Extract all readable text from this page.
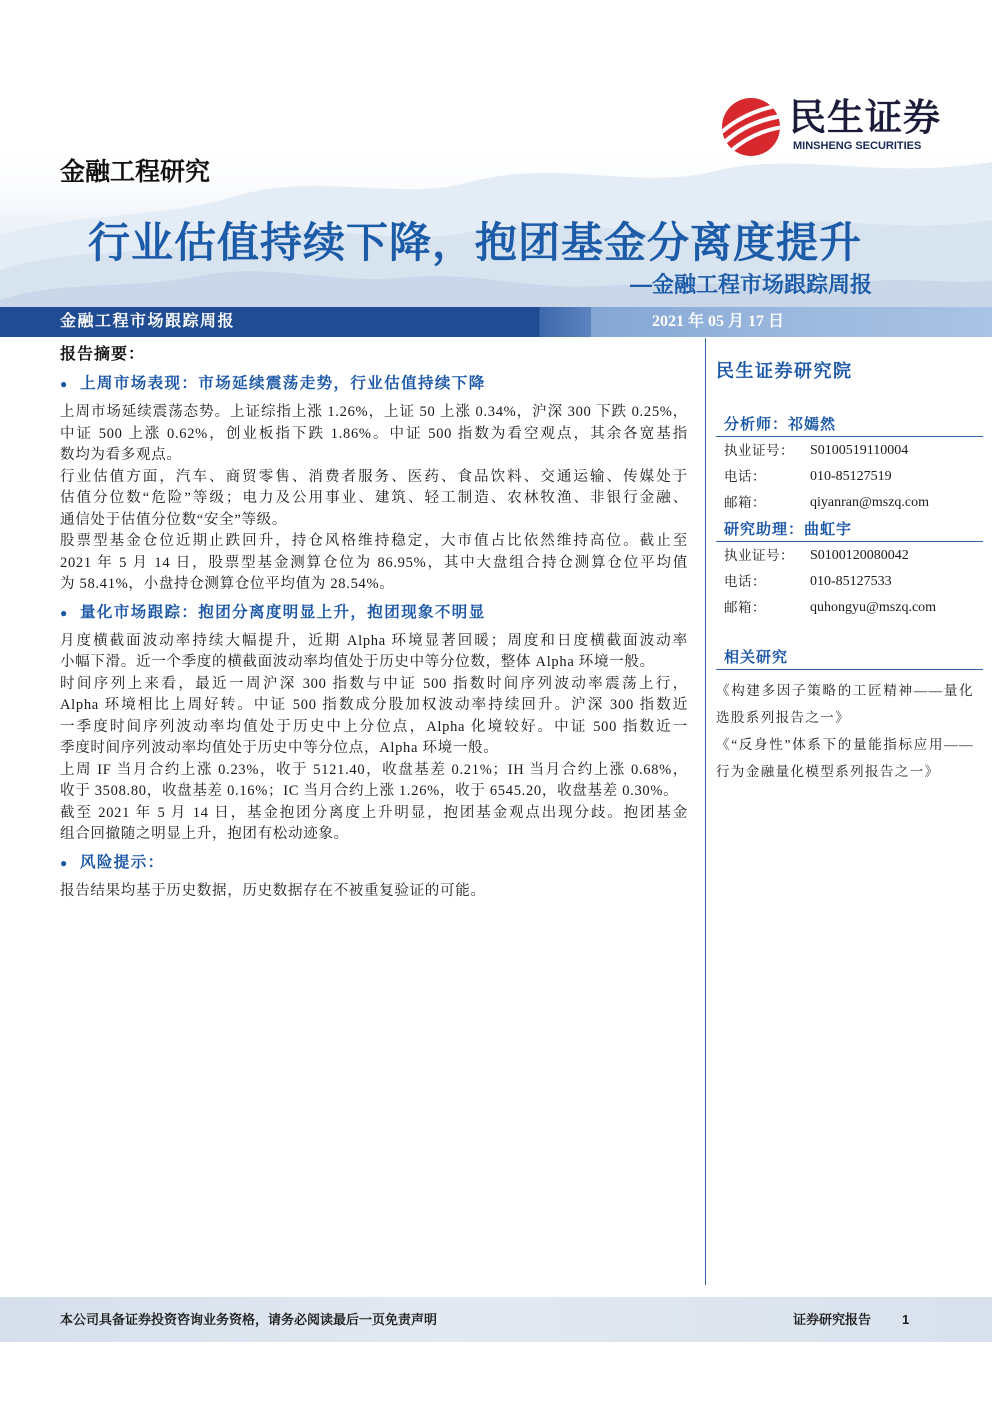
民生证券
MINSHENG SECURITIES
金融工程研究
行业估值持续下降，抱团基金分离度提升
—金融工程市场跟踪周报
金融工程市场跟踪周报	2021 年 05 月 17 日
报告摘要：
● 上周市场表现：市场延续震荡走势，行业估值持续下降
上周市场延续震荡态势。上证综指上涨 1.26%，上证 50 上涨 0.34%，沪深 300 下跌 0.25%，
中证 500 上涨 0.62%，创业板指下跌 1.86%。中证 500 指数为看空观点，其余各宽基指
数均为看多观点。
行业估值方面，汽车、商贸零售、消费者服务、医药、食品饮料、交通运输、传媒处于
估值分位数“危险”等级；电力及公用事业、建筑、轻工制造、农林牧渔、非银行金融、
通信处于估值分位数“安全”等级。
股票型基金仓位近期止跌回升，持仓风格维持稳定，大市值占比依然维持高位。截止至
2021 年 5 月 14 日，股票型基金测算仓位为 86.95%，其中大盘组合持仓测算仓位平均值
为 58.41%，小盘持仓测算仓位平均值为 28.54%。
● 量化市场跟踪：抱团分离度明显上升，抱团现象不明显
月度横截面波动率持续大幅提升，近期 Alpha 环境显著回暖；周度和日度横截面波动率
小幅下滑。近一个季度的横截面波动率均值处于历史中等分位数，整体 Alpha 环境一般。
时间序列上来看，最近一周沪深 300 指数与中证 500 指数时间序列波动率震荡上行，
Alpha 环境相比上周好转。中证 500 指数成分股加权波动率持续回升。沪深 300 指数近
一季度时间序列波动率均值处于历史中上分位点，Alpha 化境较好。中证 500 指数近一
季度时间序列波动率均值处于历史中等分位点，Alpha 环境一般。
上周 IF 当月合约上涨 0.23%，收于 5121.40，收盘基差 0.21%；IH 当月合约上涨 0.68%，
收于 3508.80，收盘基差 0.16%；IC 当月合约上涨 1.26%，收于 6545.20，收盘基差 0.30%。
截至 2021 年 5 月 14 日，基金抱团分离度上升明显，抱团基金观点出现分歧。抱团基金
组合回撤随之明显上升，抱团有松动迹象。
● 风险提示：
报告结果均基于历史数据，历史数据存在不被重复验证的可能。
民生证券研究院
分析师：祁嫣然
执业证号： S0100519110004
电话：	010-85127519
邮箱：	qiyanran@mszq.com
研究助理：曲虹宇
执业证号： S0100120080042
电话：	010-85127533
邮箱：	quhongyu@mszq.com
相关研究
《构建多因子策略的工匠精神——量化
选股系列报告之一》
《“反身性”体系下的量能指标应用——
行为金融量化模型系列报告之一》
本公司具备证券投资咨询业务资格，请务必阅读最后一页免责声明	证券研究报告 1
